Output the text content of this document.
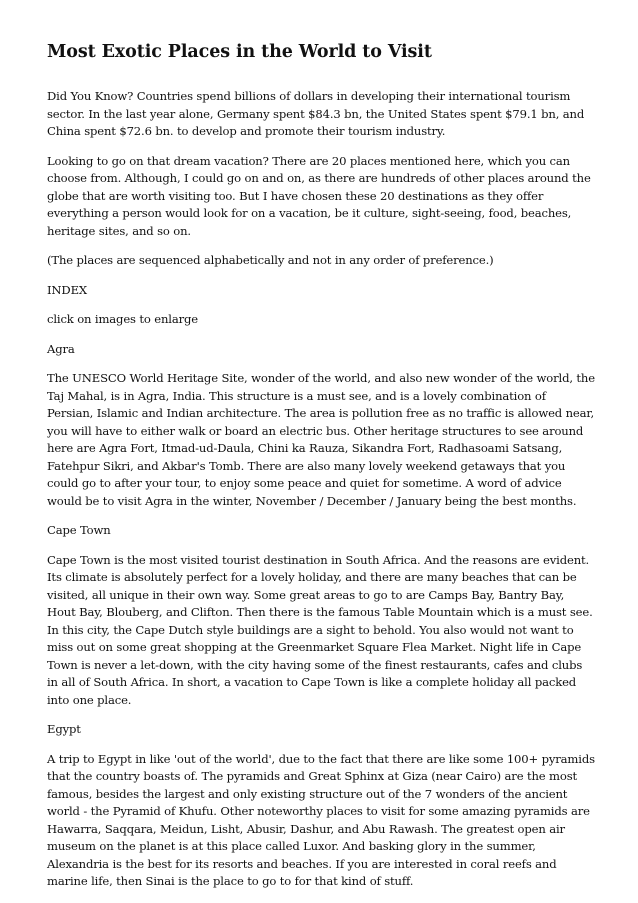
Most Exotic Places in the World to Visit

Did You Know? Countries spend billions of dollars in developing their international tourism sector. In the last year alone, Germany spent $84.3 bn, the United States spent $79.1 bn, and China spent $72.6 bn. to develop and promote their tourism industry.

Looking to go on that dream vacation? There are 20 places mentioned here, which you can choose from. Although, I could go on and on, as there are hundreds of other places around the globe that are worth visiting too. But I have chosen these 20 destinations as they offer everything a person would look for on a vacation, be it culture, sight-seeing, food, beaches, heritage sites, and so on.

(The places are sequenced alphabetically and not in any order of preference.)

INDEX

click on images to enlarge

Agra

The UNESCO World Heritage Site, wonder of the world, and also new wonder of the world, the Taj Mahal, is in Agra, India. This structure is a must see, and is a lovely combination of Persian, Islamic and Indian architecture. The area is pollution free as no traffic is allowed near, you will have to either walk or board an electric bus. Other heritage structures to see around here are Agra Fort, Itmad-ud-Daula, Chini ka Rauza, Sikandra Fort, Radhasoami Satsang, Fatehpur Sikri, and Akbar's Tomb. There are also many lovely weekend getaways that you could go to after your tour, to enjoy some peace and quiet for sometime. A word of advice would be to visit Agra in the winter, November / December / January being the best months.

Cape Town

Cape Town is the most visited tourist destination in South Africa. And the reasons are evident. Its climate is absolutely perfect for a lovely holiday, and there are many beaches that can be visited, all unique in their own way. Some great areas to go to are Camps Bay, Bantry Bay, Hout Bay, Blouberg, and Clifton. Then there is the famous Table Mountain which is a must see. In this city, the Cape Dutch style buildings are a sight to behold. You also would not want to miss out on some great shopping at the Greenmarket Square Flea Market. Night life in Cape Town is never a let-down, with the city having some of the finest restaurants, cafes and clubs in all of South Africa. In short, a vacation to Cape Town is like a complete holiday all packed into one place.

Egypt

A trip to Egypt in like 'out of the world', due to the fact that there are like some 100+ pyramids that the country boasts of. The pyramids and Great Sphinx at Giza (near Cairo) are the most famous, besides the largest and only existing structure out of the 7 wonders of the ancient world - the Pyramid of Khufu. Other noteworthy places to visit for some amazing pyramids are Hawarra, Saqqara, Meidun, Lisht, Abusir, Dashur, and Abu Rawash. The greatest open air museum on the planet is at this place called Luxor. And basking glory in the summer, Alexandria is the best for its resorts and beaches. If you are interested in coral reefs and marine life, then Sinai is the place to go to for that kind of stuff.
